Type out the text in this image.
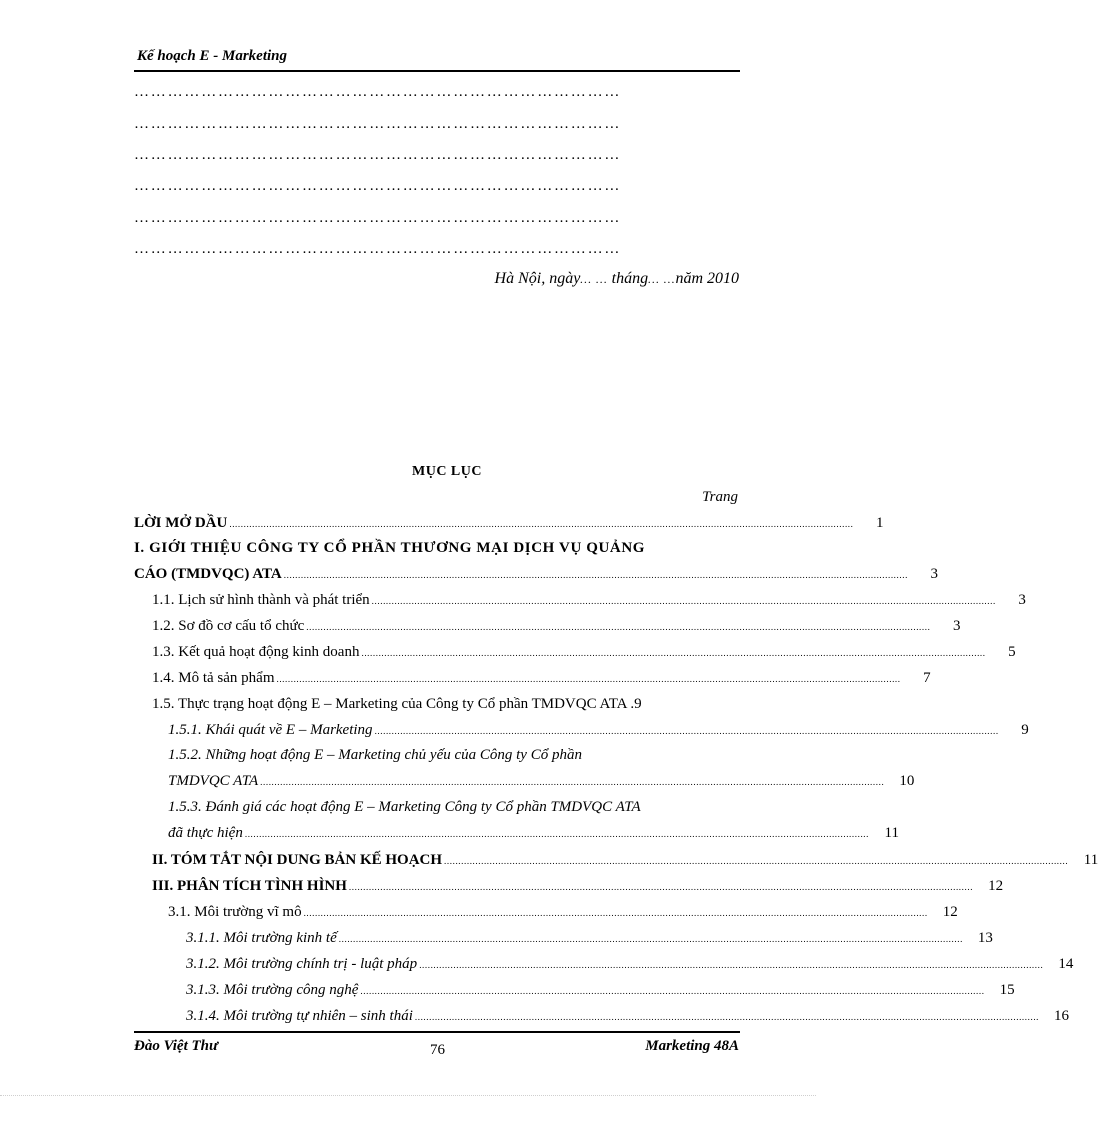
Kế hoạch E - Marketing
……………………………………………………………………………
……………………………………………………………………………
……………………………………………………………………………
……………………………………………………………………………
……………………………………………………………………………
……………………………………………………………………………
Hà Nội, ngày… … tháng… …năm 2010
MỤC LỤC
Trang
LỜI MỞ DẦU ...........................................................................................................................................................................................................................	1
I. GIỚI THIỆU CÔNG TY CỔ PHẦN THƯƠNG MẠI DỊCH VỤ QUẢNG
CÁO (TMDVQC) ATA ...........................................................................................................................................................................................................................	3
1.1. Lịch sử hình thành và phát triển ...........................................................................................................................................................................................................................	3
1.2. Sơ đồ cơ cấu tổ chức ...........................................................................................................................................................................................................................	3
1.3. Kết quả hoạt động kinh doanh ...........................................................................................................................................................................................................................	5
1.4. Mô tả sản phẩm ...........................................................................................................................................................................................................................	7
1.5. Thực trạng hoạt động E – Marketing của Công ty Cổ phần TMDVQC ATA . 9
1.5.1. Khái quát về E – Marketing ...........................................................................................................................................................................................................................	9
1.5.2. Những hoạt động E – Marketing chủ yếu của Công ty Cổ phần
TMDVQC ATA ...........................................................................................................................................................................................................................	10
1.5.3. Đánh giá các hoạt động E – Marketing Công ty Cổ phần TMDVQC ATA
đã thực hiện ...........................................................................................................................................................................................................................	11
II. TÓM TẮT NỘI DUNG BẢN KẾ HOẠCH ...........................................................................................................................................................................................................................	11
III. PHÂN TÍCH TÌNH HÌNH ...........................................................................................................................................................................................................................	12
3.1. Môi trường vĩ mô ...........................................................................................................................................................................................................................	12
3.1.1. Môi trường kinh tế ...........................................................................................................................................................................................................................	13
3.1.2. Môi trường chính trị - luật pháp ...........................................................................................................................................................................................................................	14
3.1.3. Môi trường công nghệ ...........................................................................................................................................................................................................................	15
3.1.4. Môi trường tự nhiên – sinh thái ...........................................................................................................................................................................................................................	16
Đào Việt Thư	76	Marketing 48A
